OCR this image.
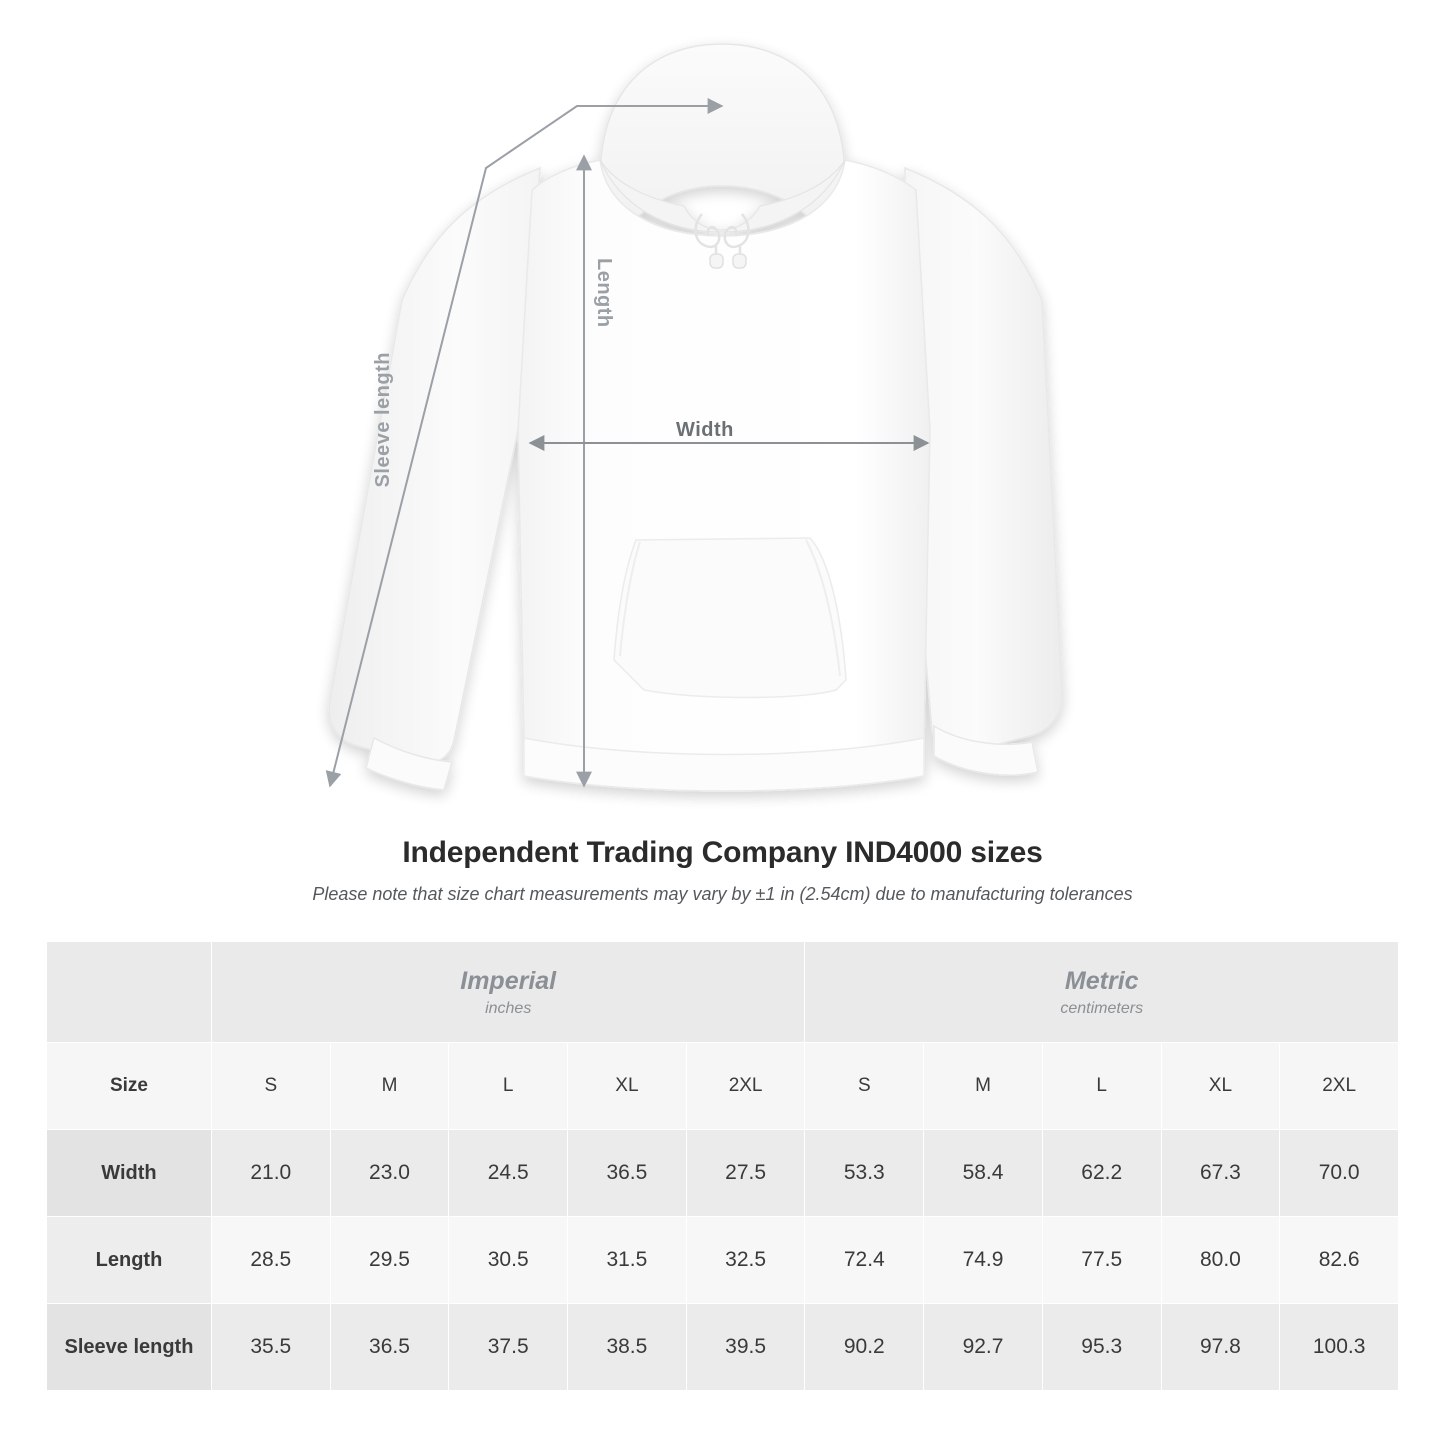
Length
Width
Sleeve length
Independent Trading Company IND4000 sizes
Please note that size chart measurements may vary by ±1 in (2.54cm) due to manufacturing tolerances

Imperial
inches

Metric
centimeters

Size	S	M	L	XL	2XL	S	M	L	XL	2XL
Width	21.0	23.0	24.5	36.5	27.5	53.3	58.4	62.2	67.3	70.0
Length	28.5	29.5	30.5	31.5	32.5	72.4	74.9	77.5	80.0	82.6
Sleeve length	35.5	36.5	37.5	38.5	39.5	90.2	92.7	95.3	97.8	100.3
